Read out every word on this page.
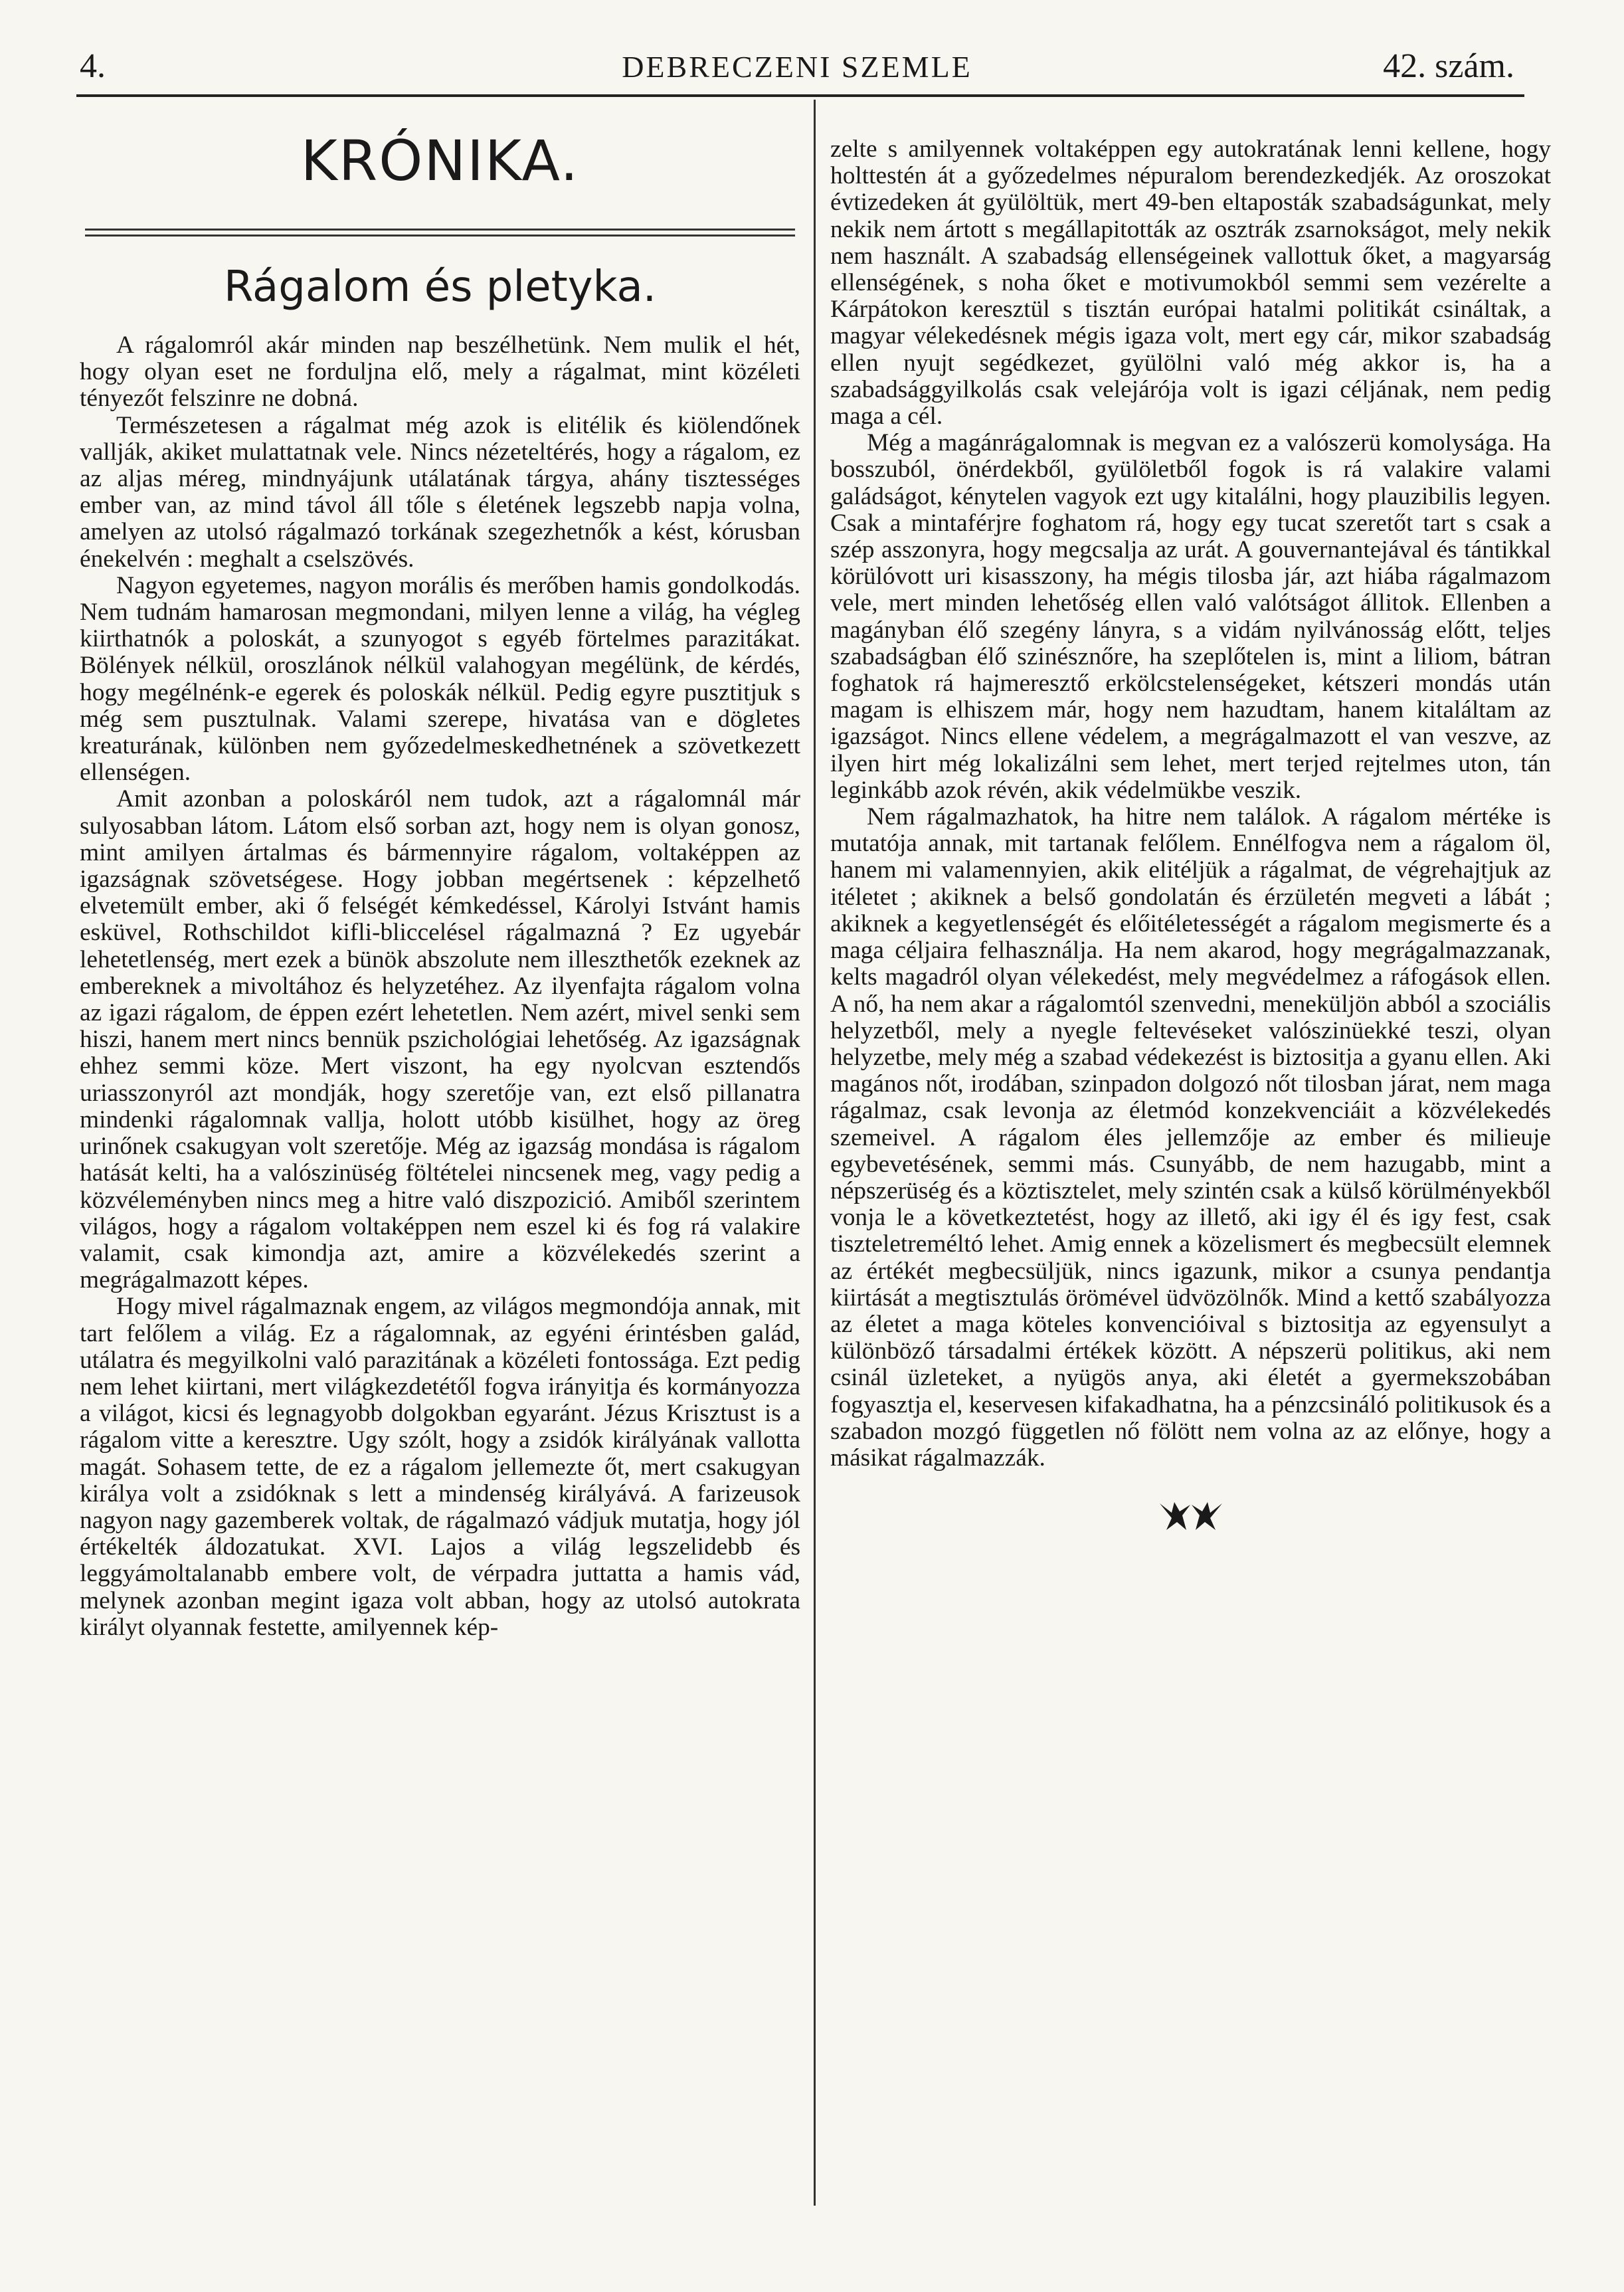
4.	DEBRECZENI SZEMLE	42. szám.
KRÓNIKA.
Rágalom és pletyka.

A rágalomról akár minden nap beszélhetünk. Nem mulik el hét, hogy olyan eset ne forduljna elő, mely a rágalmat, mint közéleti tényezőt felszinre ne dobná.

Természetesen a rágalmat még azok is elitélik és kiölendőnek vallják, akiket mulattatnak vele. Nincs nézeteltérés, hogy a rágalom, ez az aljas méreg, mindnyájunk utálatának tárgya, ahány tisztességes ember van, az mind távol áll tőle s életének legszebb napja volna, amelyen az utolsó rágalmazó torkának szegezhetnők a kést, kórusban énekelvén : meghalt a cselszövés.

Nagyon egyetemes, nagyon morális és merőben hamis gondolkodás. Nem tudnám hamarosan megmondani, milyen lenne a világ, ha végleg kiirthatnók a poloskát, a szunyogot s egyéb förtelmes parazitákat. Bölények nélkül, oroszlánok nélkül valahogyan megélünk, de kérdés, hogy megélnénk-e egerek és poloskák nélkül. Pedig egyre pusztitjuk s még sem pusztulnak. Valami szerepe, hivatása van e dögletes kreaturának, különben nem győzedelmeskedhetnének a szövetkezett ellenségen.

Amit azonban a poloskáról nem tudok, azt a rágalomnál már sulyosabban látom. Látom első sorban azt, hogy nem is olyan gonosz, mint amilyen ártalmas és bármennyire rágalom, voltaképpen az igazságnak szövetségese. Hogy jobban megértsenek : képzelhető elvetemült ember, aki ő felségét kémkedéssel, Károlyi Istvánt hamis esküvel, Rothschildot kifli-bliccelésel rágalmazná ? Ez ugyebár lehetetlenség, mert ezek a bünök abszolute nem illeszthetők ezeknek az embereknek a mivoltához és helyzetéhez. Az ilyenfajta rágalom volna az igazi rágalom, de éppen ezért lehetetlen. Nem azért, mivel senki sem hiszi, hanem mert nincs bennük pszichológiai lehetőség. Az igazságnak ehhez semmi köze. Mert viszont, ha egy nyolcvan esztendős uriasszonyról azt mondják, hogy szeretője van, ezt első pillanatra mindenki rágalomnak vallja, holott utóbb kisülhet, hogy az öreg urinőnek csakugyan volt szeretője. Még az igazság mondása is rágalom hatását kelti, ha a valószinüség föltételei nincsenek meg, vagy pedig a közvéleményben nincs meg a hitre való diszpozició. Amiből szerintem világos, hogy a rágalom voltaképpen nem eszel ki és fog rá valakire valamit, csak kimondja azt, amire a közvélekedés szerint a megrágalmazott képes.

Hogy mivel rágalmaznak engem, az világos megmondója annak, mit tart felőlem a világ. Ez a rágalomnak, az egyéni érintésben galád, utálatra és megyilkolni való parazitának a közéleti fontossága. Ezt pedig nem lehet kiirtani, mert világkezdetétől fogva irányitja és kormányozza a világot, kicsi és legnagyobb dolgokban egyaránt. Jézus Krisztust is a rágalom vitte a keresztre. Ugy szólt, hogy a zsidók királyának vallotta magát. Sohasem tette, de ez a rágalom jellemezte őt, mert csakugyan királya volt a zsidóknak s lett a mindenség királyává. A farizeusok nagyon nagy gazemberek voltak, de rágalmazó vádjuk mutatja, hogy jól értékelték áldozatukat. XVI. Lajos a világ legszelidebb és leggyámoltalanabb embere volt, de vérpadra juttatta a hamis vád, melynek azonban megint igaza volt abban, hogy az utolsó autokrata királyt olyannak festette, amilyennek kép-

zelte s amilyennek voltaképpen egy autokratának lenni kellene, hogy holttestén át a győzedelmes népuralom berendezkedjék. Az oroszokat évtizedeken át gyülöltük, mert 49-ben eltaposták szabadságunkat, mely nekik nem ártott s megállapitották az osztrák zsarnokságot, mely nekik nem használt. A szabadság ellenségeinek vallottuk őket, a magyarság ellenségének, s noha őket e motivumokból semmi sem vezérelte a Kárpátokon keresztül s tisztán európai hatalmi politikát csináltak, a magyar vélekedésnek mégis igaza volt, mert egy cár, mikor szabadság ellen nyujt segédkezet, gyülölni való még akkor is, ha a szabadsággyilkolás csak velejárója volt is igazi céljának, nem pedig maga a cél.

Még a magánrágalomnak is megvan ez a valószerü komolysága. Ha bosszuból, önérdekből, gyülöletből fogok is rá valakire valami galádságot, kénytelen vagyok ezt ugy kitalálni, hogy plauzibilis legyen. Csak a mintaférjre foghatom rá, hogy egy tucat szeretőt tart s csak a szép asszonyra, hogy megcsalja az urát. A gouvernantejával és tántikkal körülóvott uri kisasszony, ha mégis tilosba jár, azt hiába rágalmazom vele, mert minden lehetőség ellen való valótságot állitok. Ellenben a magányban élő szegény lányra, s a vidám nyilvánosság előtt, teljes szabadságban élő szinésznőre, ha szeplőtelen is, mint a liliom, bátran foghatok rá hajmeresztő erkölcstelenségeket, kétszeri mondás után magam is elhiszem már, hogy nem hazudtam, hanem kitaláltam az igazságot. Nincs ellene védelem, a megrágalmazott el van veszve, az ilyen hirt még lokalizálni sem lehet, mert terjed rejtelmes uton, tán leginkább azok révén, akik védelmükbe veszik.

Nem rágalmazhatok, ha hitre nem találok. A rágalom mértéke is mutatója annak, mit tartanak felőlem. Ennélfogva nem a rágalom öl, hanem mi valamennyien, akik elitéljük a rágalmat, de végrehajtjuk az itéletet ; akiknek a belső gondolatán és érzületén megveti a lábát ; akiknek a kegyetlenségét és előitéletességét a rágalom megismerte és a maga céljaira felhasználja. Ha nem akarod, hogy megrágalmazzanak, kelts magadról olyan vélekedést, mely megvédelmez a ráfogások ellen. A nő, ha nem akar a rágalomtól szenvedni, meneküljön abból a szociális helyzetből, mely a nyegle feltevéseket valószinüekké teszi, olyan helyzetbe, mely még a szabad védekezést is biztositja a gyanu ellen. Aki magános nőt, irodában, szinpadon dolgozó nőt tilosban járat, nem maga rágalmaz, csak levonja az életmód konzekvenciáit a közvélekedés szemeivel. A rágalom éles jellemzője az ember és milieuje egybevetésének, semmi más. Csunyább, de nem hazugabb, mint a népszerüség és a köztisztelet, mely szintén csak a külső körülményekből vonja le a következtetést, hogy az illető, aki igy él és igy fest, csak tiszteletreméltó lehet. Amig ennek a közelismert és megbecsült elemnek az értékét megbecsüljük, nincs igazunk, mikor a csunya pendantja kiirtását a megtisztulás örömével üdvözölnők. Mind a kettő szabályozza az életet a maga köteles konvencióival s biztositja az egyensulyt a különböző társadalmi értékek között. A népszerü politikus, aki nem csinál üzleteket, a nyügös anya, aki életét a gyermekszobában fogyasztja el, keservesen kifakadhatna, ha a pénzcsináló politikusok és a szabadon mozgó független nő fölött nem volna az az előnye, hogy a másikat rágalmazzák.
